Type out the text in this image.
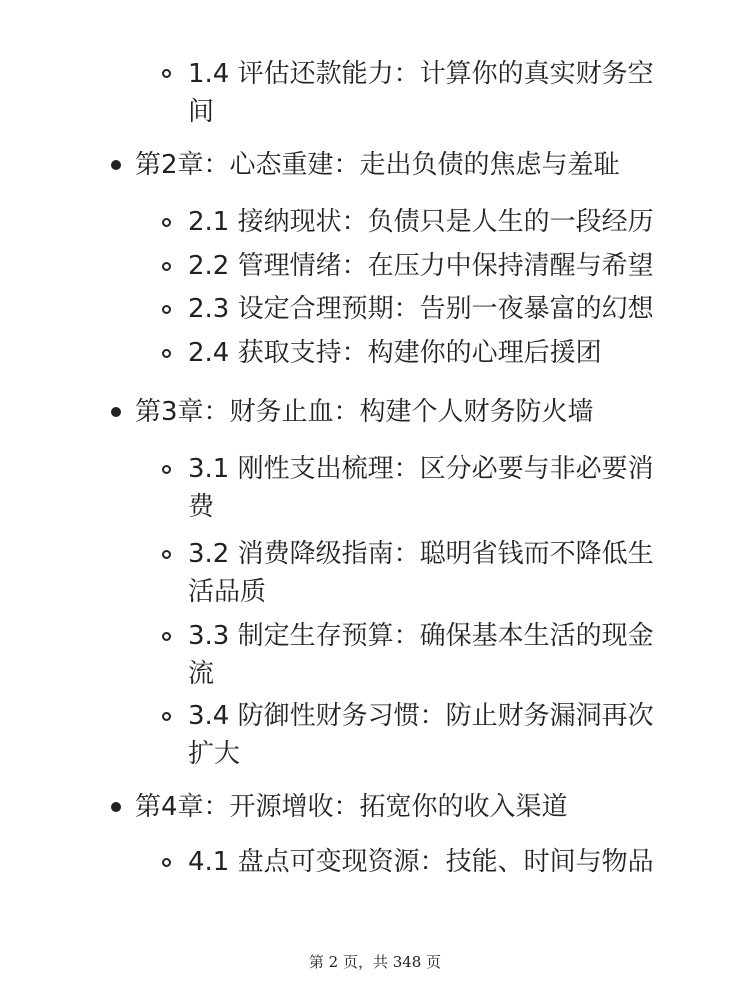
1.4 评估还款能力：计算你的真实财务空间
第2章：心态重建：走出负债的焦虑与羞耻
2.1 接纳现状：负债只是人生的一段经历
2.2 管理情绪：在压力中保持清醒与希望
2.3 设定合理预期：告别一夜暴富的幻想
2.4 获取支持：构建你的心理后援团
第3章：财务止血：构建个人财务防火墙
3.1 刚性支出梳理：区分必要与非必要消费
3.2 消费降级指南：聪明省钱而不降低生活品质
3.3 制定生存预算：确保基本生活的现金流
3.4 防御性财务习惯：防止财务漏洞再次扩大
第4章：开源增收：拓宽你的收入渠道
4.1 盘点可变现资源：技能、时间与物品
第 2 页，共 348 页
